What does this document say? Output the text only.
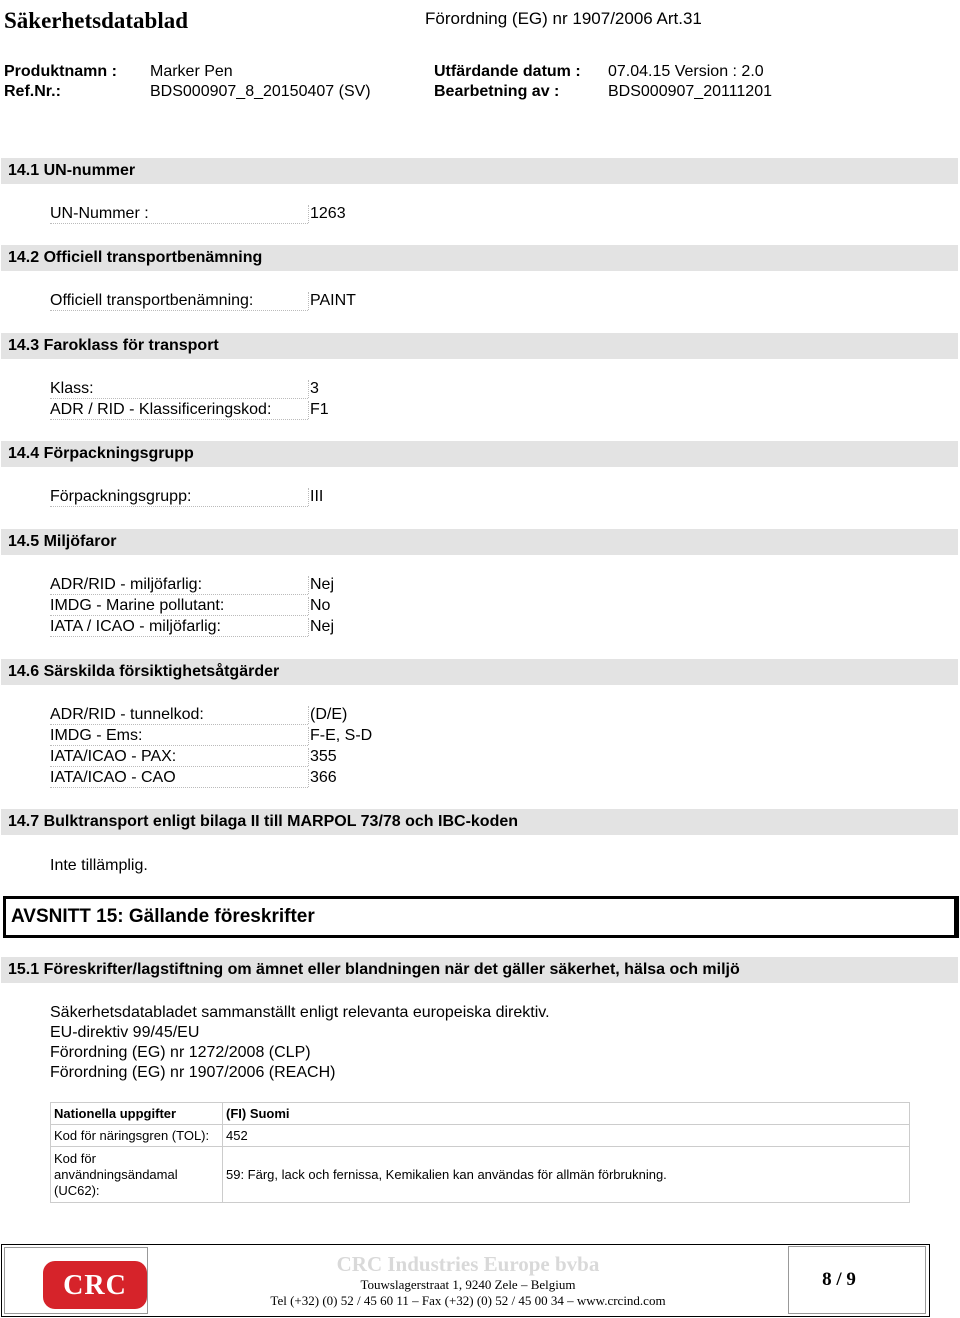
Säkerhetsdatablad	Förordning (EG) nr 1907/2006 Art.31
Produktnamn : Marker Pen	Utfärdande datum : 07.04.15 Version : 2.0
Ref.Nr.:	BDS000907_8_20150407 (SV)	Bearbetning av :	BDS000907_20111201
14.1 UN-nummer
UN-Nummer :	1263
14.2 Officiell transportbenämning
Officiell transportbenämning:	PAINT
14.3 Faroklass för transport
Klass:	3
ADR / RID - Klassificeringskod:	F1
14.4 Förpackningsgrupp
Förpackningsgrupp:	III
14.5 Miljöfaror
ADR/RID - miljöfarlig:	Nej
IMDG - Marine pollutant:	No
IATA / ICAO - miljöfarlig:	Nej
14.6 Särskilda försiktighetsåtgärder
ADR/RID - tunnelkod:	(D/E)
IMDG - Ems:	F-E, S-D
IATA/ICAO - PAX:	355
IATA/ICAO - CAO	366
14.7 Bulktransport enligt bilaga II till MARPOL 73/78 och IBC-koden
Inte tillämplig.
AVSNITT 15: Gällande föreskrifter
15.1 Föreskrifter/lagstiftning om ämnet eller blandningen när det gäller säkerhet, hälsa och miljö
Säkerhetsdatabladet sammanställt enligt relevanta europeiska direktiv.
EU-direktiv 99/45/EU
Förordning (EG) nr 1272/2008 (CLP)
Förordning (EG) nr 1907/2006 (REACH)
Nationella uppgifter	(FI) Suomi
Kod för näringsgren (TOL):	452
Kod för
användningsändamal
(UC62):	59: Färg, lack och fernissa, Kemikalien kan användas för allmän förbrukning.
CRC
CRC Industries Europe bvba
Touwslagerstraat 1, 9240 Zele – Belgium
Tel (+32) (0) 52 / 45 60 11 – Fax (+32) (0) 52 / 45 00 34 – www.crcind.com
8 / 9
